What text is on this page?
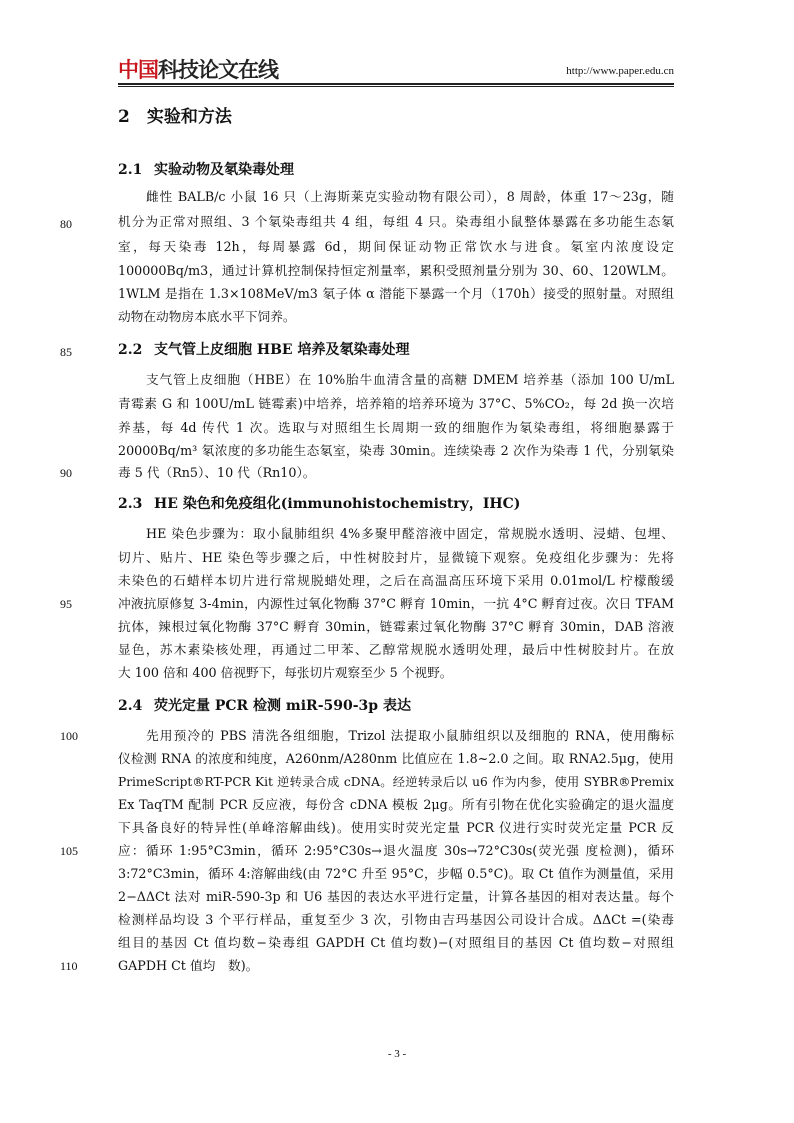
中国科技论文在线	http://www.paper.edu.cn
2　实验和方法
2.1 实验动物及氡染毒处理
雌性 BALB/c 小鼠 16 只（上海斯莱克实验动物有限公司），8 周龄，体重 17～23g，随
机分为正常对照组、3 个氡染毒组共 4 组，每组 4 只。染毒组小鼠整体暴露在多功能生态氡
室，每天染毒 12h，每周暴露 6d，期间保证动物正常饮水与进食。氡室内浓度设定
100000Bq/m3，通过计算机控制保持恒定剂量率，累积受照剂量分别为 30、60、120WLM。
1WLM 是指在 1.3×108MeV/m3 氡子体 α 潜能下暴露一个月（170h）接受的照射量。对照组
动物在动物房本底水平下饲养。
2.2 支气管上皮细胞 HBE 培养及氡染毒处理
支气管上皮细胞（HBE）在 10%胎牛血清含量的高糖 DMEM 培养基（添加 100 U/mL
青霉素 G 和 100U/mL 链霉素)中培养，培养箱的培养环境为 37°C、5%CO₂，每 2d 换一次培
养基，每 4d 传代 1 次。选取与对照组生长周期一致的细胞作为氡染毒组，将细胞暴露于
20000Bq/m³ 氡浓度的多功能生态氡室，染毒 30min。连续染毒 2 次作为染毒 1 代，分别氡染
毒 5 代（Rn5）、10 代（Rn10）。
2.3 HE 染色和免疫组化(immunohistochemistry，IHC)
HE 染色步骤为：取小鼠肺组织 4%多聚甲醛溶液中固定，常规脱水透明、浸蜡、包埋、
切片、贴片、HE 染色等步骤之后，中性树胶封片，显微镜下观察。免疫组化步骤为：先将
未染色的石蜡样本切片进行常规脱蜡处理，之后在高温高压环境下采用 0.01mol/L 柠檬酸缓
冲液抗原修复 3-4min，内源性过氧化物酶 37°C 孵育 10min，一抗 4°C 孵育过夜。次日 TFAM
抗体，辣根过氧化物酶 37°C 孵育 30min，链霉素过氧化物酶 37°C 孵育 30min，DAB 溶液
显色，苏木素染核处理，再通过二甲苯、乙醇常规脱水透明处理，最后中性树胶封片。在放
大 100 倍和 400 倍视野下，每张切片观察至少 5 个视野。
2.4 荧光定量 PCR 检测 miR-590-3p 表达
先用预冷的 PBS 清洗各组细胞，Trizol 法提取小鼠肺组织以及细胞的 RNA，使用酶标
仪检测 RNA 的浓度和纯度，A260nm/A280nm 比值应在 1.8~2.0 之间。取 RNA2.5μg，使用
PrimeScript®RT-PCR Kit 逆转录合成 cDNA。经逆转录后以 u6 作为内参，使用 SYBR®Premix
Ex TaqTM 配制 PCR 反应液，每份含 cDNA 模板 2μg。所有引物在优化实验确定的退火温度
下具备良好的特异性(单峰溶解曲线)。使用实时荧光定量 PCR 仪进行实时荧光定量 PCR 反
应：循环 1:95°C3min，循环 2:95°C30s→退火温度 30s→72°C30s(荧光强 度检测)，循环
3:72°C3min，循环 4:溶解曲线(由 72°C 升至 95°C，步幅 0.5°C)。取 Ct 值作为测量值，采用
2−ΔΔCt 法对 miR-590-3p 和 U6 基因的表达水平进行定量，计算各基因的相对表达量。每个
检测样品均设 3 个平行样品，重复至少 3 次，引物由吉玛基因公司设计合成。ΔΔCt =(染毒
组目的基因 Ct 值均数−染毒组 GAPDH Ct 值均数)−(对照组目的基因 Ct 值均数−对照组
GAPDH Ct 值均　数)。
80
85
90
95
100
105
110
- 3 -
